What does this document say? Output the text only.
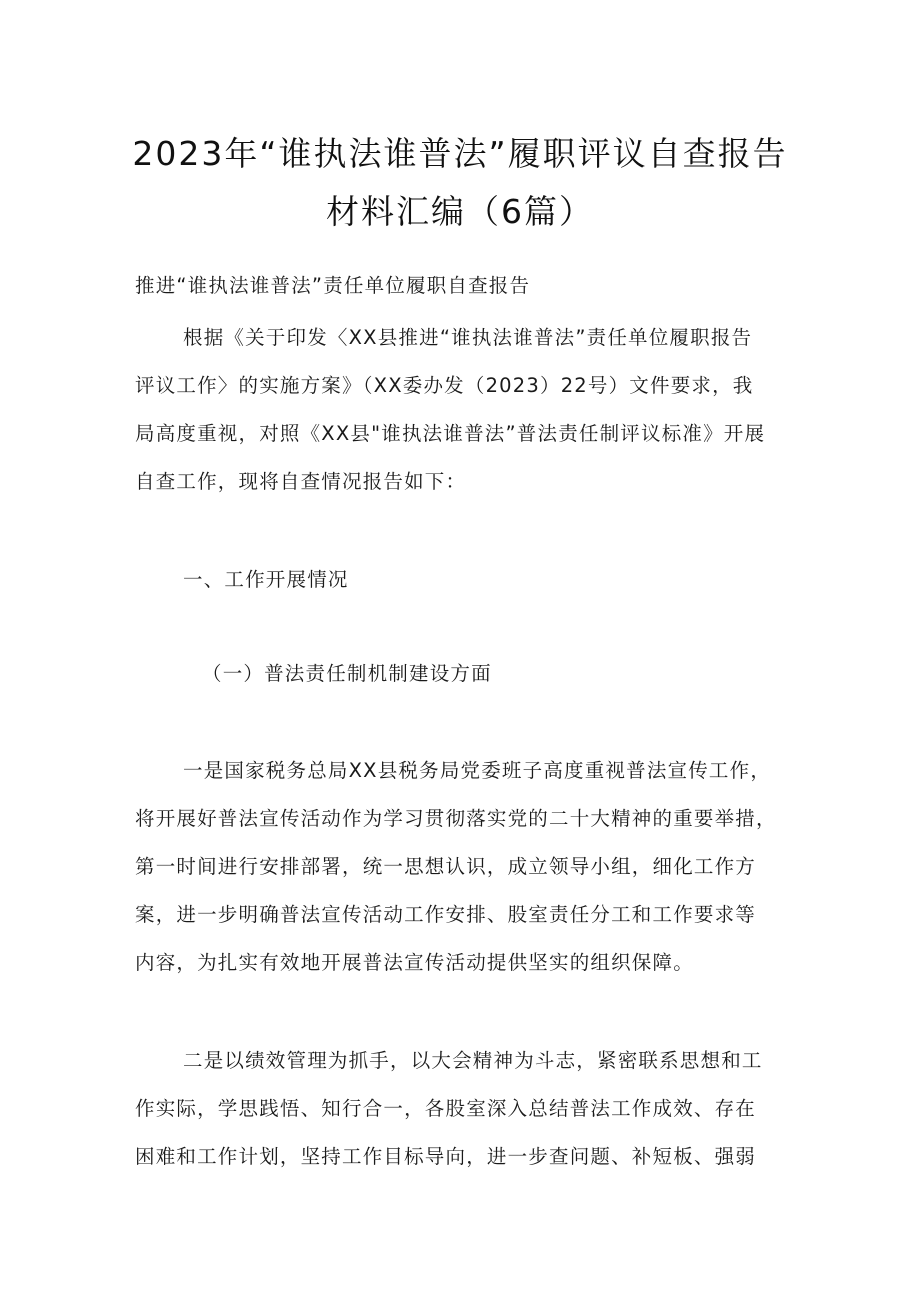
2023年“谁执法谁普法”履职评议自查报告
材料汇编（6篇）
推进“谁执法谁普法”责任单位履职自查报告
根据《关于印发〈XX县推进“谁执法谁普法”责任单位履职报告
评议工作〉的实施方案》（XX委办发（2023）22号）文件要求，我
局高度重视，对照《XX县"谁执法谁普法”普法责任制评议标准》开展
自查工作，现将自查情况报告如下：
一、工作开展情况
（一）普法责任制机制建设方面
一是国家税务总局XX县税务局党委班子高度重视普法宣传工作，
将开展好普法宣传活动作为学习贯彻落实党的二十大精神的重要举措，
第一时间进行安排部署，统一思想认识，成立领导小组，细化工作方
案，进一步明确普法宣传活动工作安排、股室责任分工和工作要求等
内容，为扎实有效地开展普法宣传活动提供坚实的组织保障。
二是以绩效管理为抓手，以大会精神为斗志，紧密联系思想和工
作实际，学思践悟、知行合一，各股室深入总结普法工作成效、存在
困难和工作计划，坚持工作目标导向，进一步查问题、补短板、强弱
